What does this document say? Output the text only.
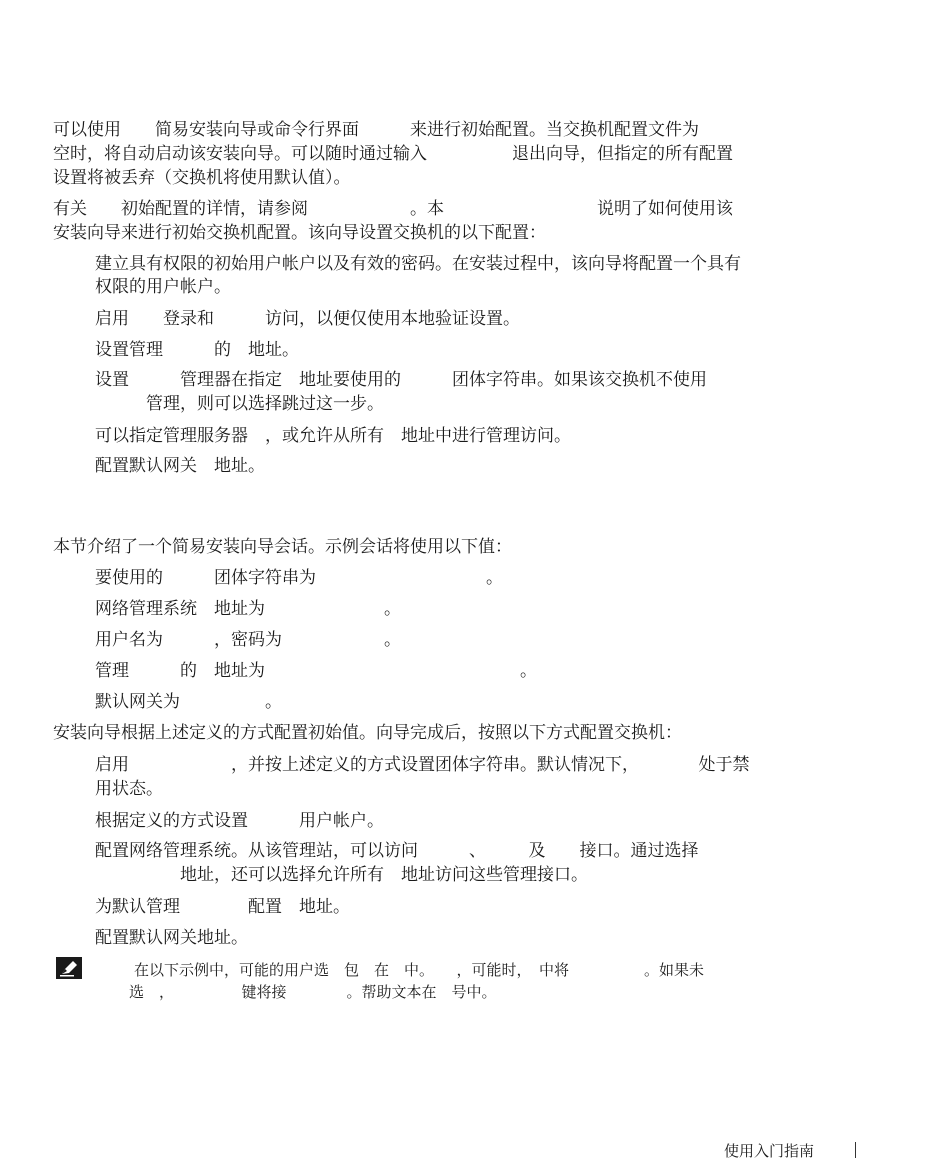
可以使用　　简易安装向导或命令行界面　　　来进行初始配置。当交换机配置文件为
空时，将自动启动该安装向导。可以随时通过输入　　　　　退出向导，但指定的所有配置
设置将被丢弃（交换机将使用默认值）。
有关　　初始配置的详情，请参阅　　　　　　。本　　　　　　　　　说明了如何使用该
安装向导来进行初始交换机配置。该向导设置交换机的以下配置：
建立具有权限的初始用户帐户以及有效的密码。在安装过程中，该向导将配置一个具有
权限的用户帐户。
启用　　登录和　　　访问，以便仅使用本地验证设置。
设置管理　　　的　地址。
设置　　　管理器在指定　地址要使用的　　　团体字符串。如果该交换机不使用
　　　管理，则可以选择跳过这一步。
可以指定管理服务器　，或允许从所有　地址中进行管理访问。
配置默认网关　地址。
本节介绍了一个简易安装向导会话。示例会话将使用以下值：
要使用的　　　团体字符串为　　　　　　　　　　。
网络管理系统　地址为　　　　　　　。
用户名为　　　，密码为　　　　　　。
管理　　　的　地址为　　　　　　　　　　　　　　　。
默认网关为　　　　　。
安装向导根据上述定义的方式配置初始值。向导完成后，按照以下方式配置交换机：
启用　　　　　　，并按上述定义的方式设置团体字符串。默认情况下，　　　　处于禁
用状态。
根据定义的方式设置　　　用户帐户。
配置网络管理系统。从该管理站，可以访问　　　、　　　及　　接口。通过选择
　　　　　地址，还可以选择允许所有　地址访问这些管理接口。
为默认管理　　　　配置　地址。
配置默认网关地址。
在以下示例中，可能的用户选　包　在　中。　　，可能时，　中将　　　　　。如果未
选　，　　　　　键将接　　　　。帮助文本在　号中。
使用入门指南
